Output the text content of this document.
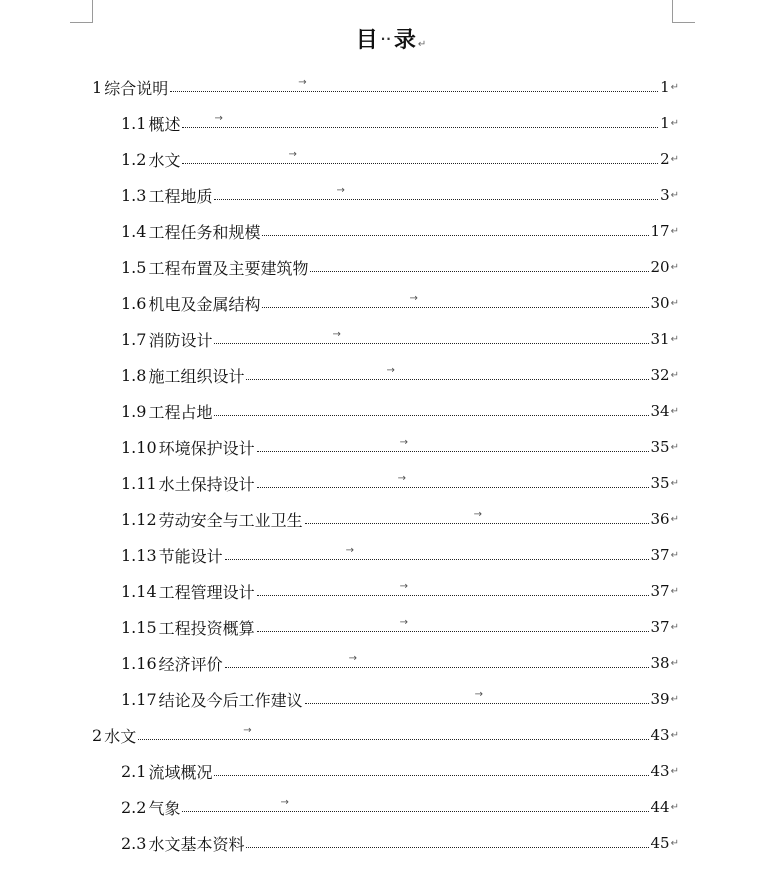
目 ··录↵
1 综合说明	→	1 ↵
1.1 概述	→	1 ↵
1.2 水文	→	2 ↵
1.3 工程地质	→	3 ↵
1.4 工程任务和规模	17 ↵
1.5 工程布置及主要建筑物	20 ↵
1.6 机电及金属结构	→	30 ↵
1.7 消防设计	→	31 ↵
1.8 施工组织设计	→	32 ↵
1.9 工程占地	34 ↵
1.10 环境保护设计	→	35 ↵
1.11 水土保持设计	→	35 ↵
1.12 劳动安全与工业卫生	→	36 ↵
1.13 节能设计	→	37 ↵
1.14 工程管理设计	→	37 ↵
1.15 工程投资概算	→	37 ↵
1.16 经济评价	→	38 ↵
1.17 结论及今后工作建议	→	39 ↵
2 水文	→	43 ↵
2.1 流域概况	43 ↵
2.2 气象	→	44 ↵
2.3 水文基本资料	45 ↵
